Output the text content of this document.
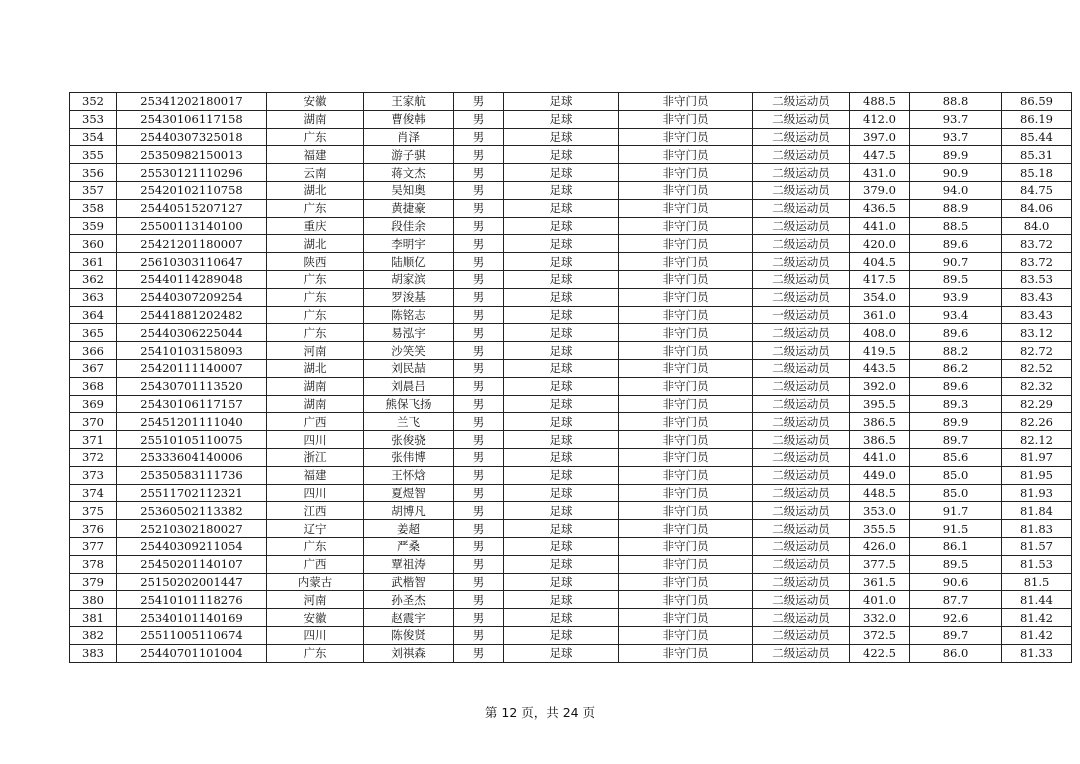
352	25341202180017	安徽	王家航	男	足球	非守门员	二级运动员	488.5	88.8	86.59
353	25430106117158	湖南	曹俊韩	男	足球	非守门员	二级运动员	412.0	93.7	86.19
354	25440307325018	广东	肖泽	男	足球	非守门员	二级运动员	397.0	93.7	85.44
355	25350982150013	福建	游子骐	男	足球	非守门员	二级运动员	447.5	89.9	85.31
356	25530121110296	云南	蒋文杰	男	足球	非守门员	二级运动员	431.0	90.9	85.18
357	25420102110758	湖北	吴知奥	男	足球	非守门员	二级运动员	379.0	94.0	84.75
358	25440515207127	广东	黄捷豪	男	足球	非守门员	二级运动员	436.5	88.9	84.06
359	25500113140100	重庆	段佳余	男	足球	非守门员	二级运动员	441.0	88.5	84.0
360	25421201180007	湖北	李明宇	男	足球	非守门员	二级运动员	420.0	89.6	83.72
361	25610303110647	陕西	陆顺亿	男	足球	非守门员	二级运动员	404.5	90.7	83.72
362	25440114289048	广东	胡家滨	男	足球	非守门员	二级运动员	417.5	89.5	83.53
363	25440307209254	广东	罗浚基	男	足球	非守门员	二级运动员	354.0	93.9	83.43
364	25441881202482	广东	陈铭志	男	足球	非守门员	一级运动员	361.0	93.4	83.43
365	25440306225044	广东	易泓宇	男	足球	非守门员	二级运动员	408.0	89.6	83.12
366	25410103158093	河南	沙笑笑	男	足球	非守门员	二级运动员	419.5	88.2	82.72
367	25420111140007	湖北	刘民喆	男	足球	非守门员	二级运动员	443.5	86.2	82.52
368	25430701113520	湖南	刘晨吕	男	足球	非守门员	二级运动员	392.0	89.6	82.32
369	25430106117157	湖南	熊保飞扬	男	足球	非守门员	二级运动员	395.5	89.3	82.29
370	25451201111040	广西	兰飞	男	足球	非守门员	二级运动员	386.5	89.9	82.26
371	25510105110075	四川	张俊骁	男	足球	非守门员	二级运动员	386.5	89.7	82.12
372	25333604140006	浙江	张伟博	男	足球	非守门员	二级运动员	441.0	85.6	81.97
373	25350583111736	福建	王怀焓	男	足球	非守门员	二级运动员	449.0	85.0	81.95
374	25511702112321	四川	夏煜智	男	足球	非守门员	二级运动员	448.5	85.0	81.93
375	25360502113382	江西	胡博凡	男	足球	非守门员	二级运动员	353.0	91.7	81.84
376	25210302180027	辽宁	姜超	男	足球	非守门员	二级运动员	355.5	91.5	81.83
377	25440309211054	广东	严桑	男	足球	非守门员	二级运动员	426.0	86.1	81.57
378	25450201140107	广西	覃祖涛	男	足球	非守门员	二级运动员	377.5	89.5	81.53
379	25150202001447	内蒙古	武楷智	男	足球	非守门员	二级运动员	361.5	90.6	81.5
380	25410101118276	河南	孙圣杰	男	足球	非守门员	二级运动员	401.0	87.7	81.44
381	25340101140169	安徽	赵震宇	男	足球	非守门员	二级运动员	332.0	92.6	81.42
382	25511005110674	四川	陈俊贤	男	足球	非守门员	二级运动员	372.5	89.7	81.42
383	25440701101004	广东	刘祺森	男	足球	非守门员	二级运动员	422.5	86.0	81.33
第 12 页，共 24 页
